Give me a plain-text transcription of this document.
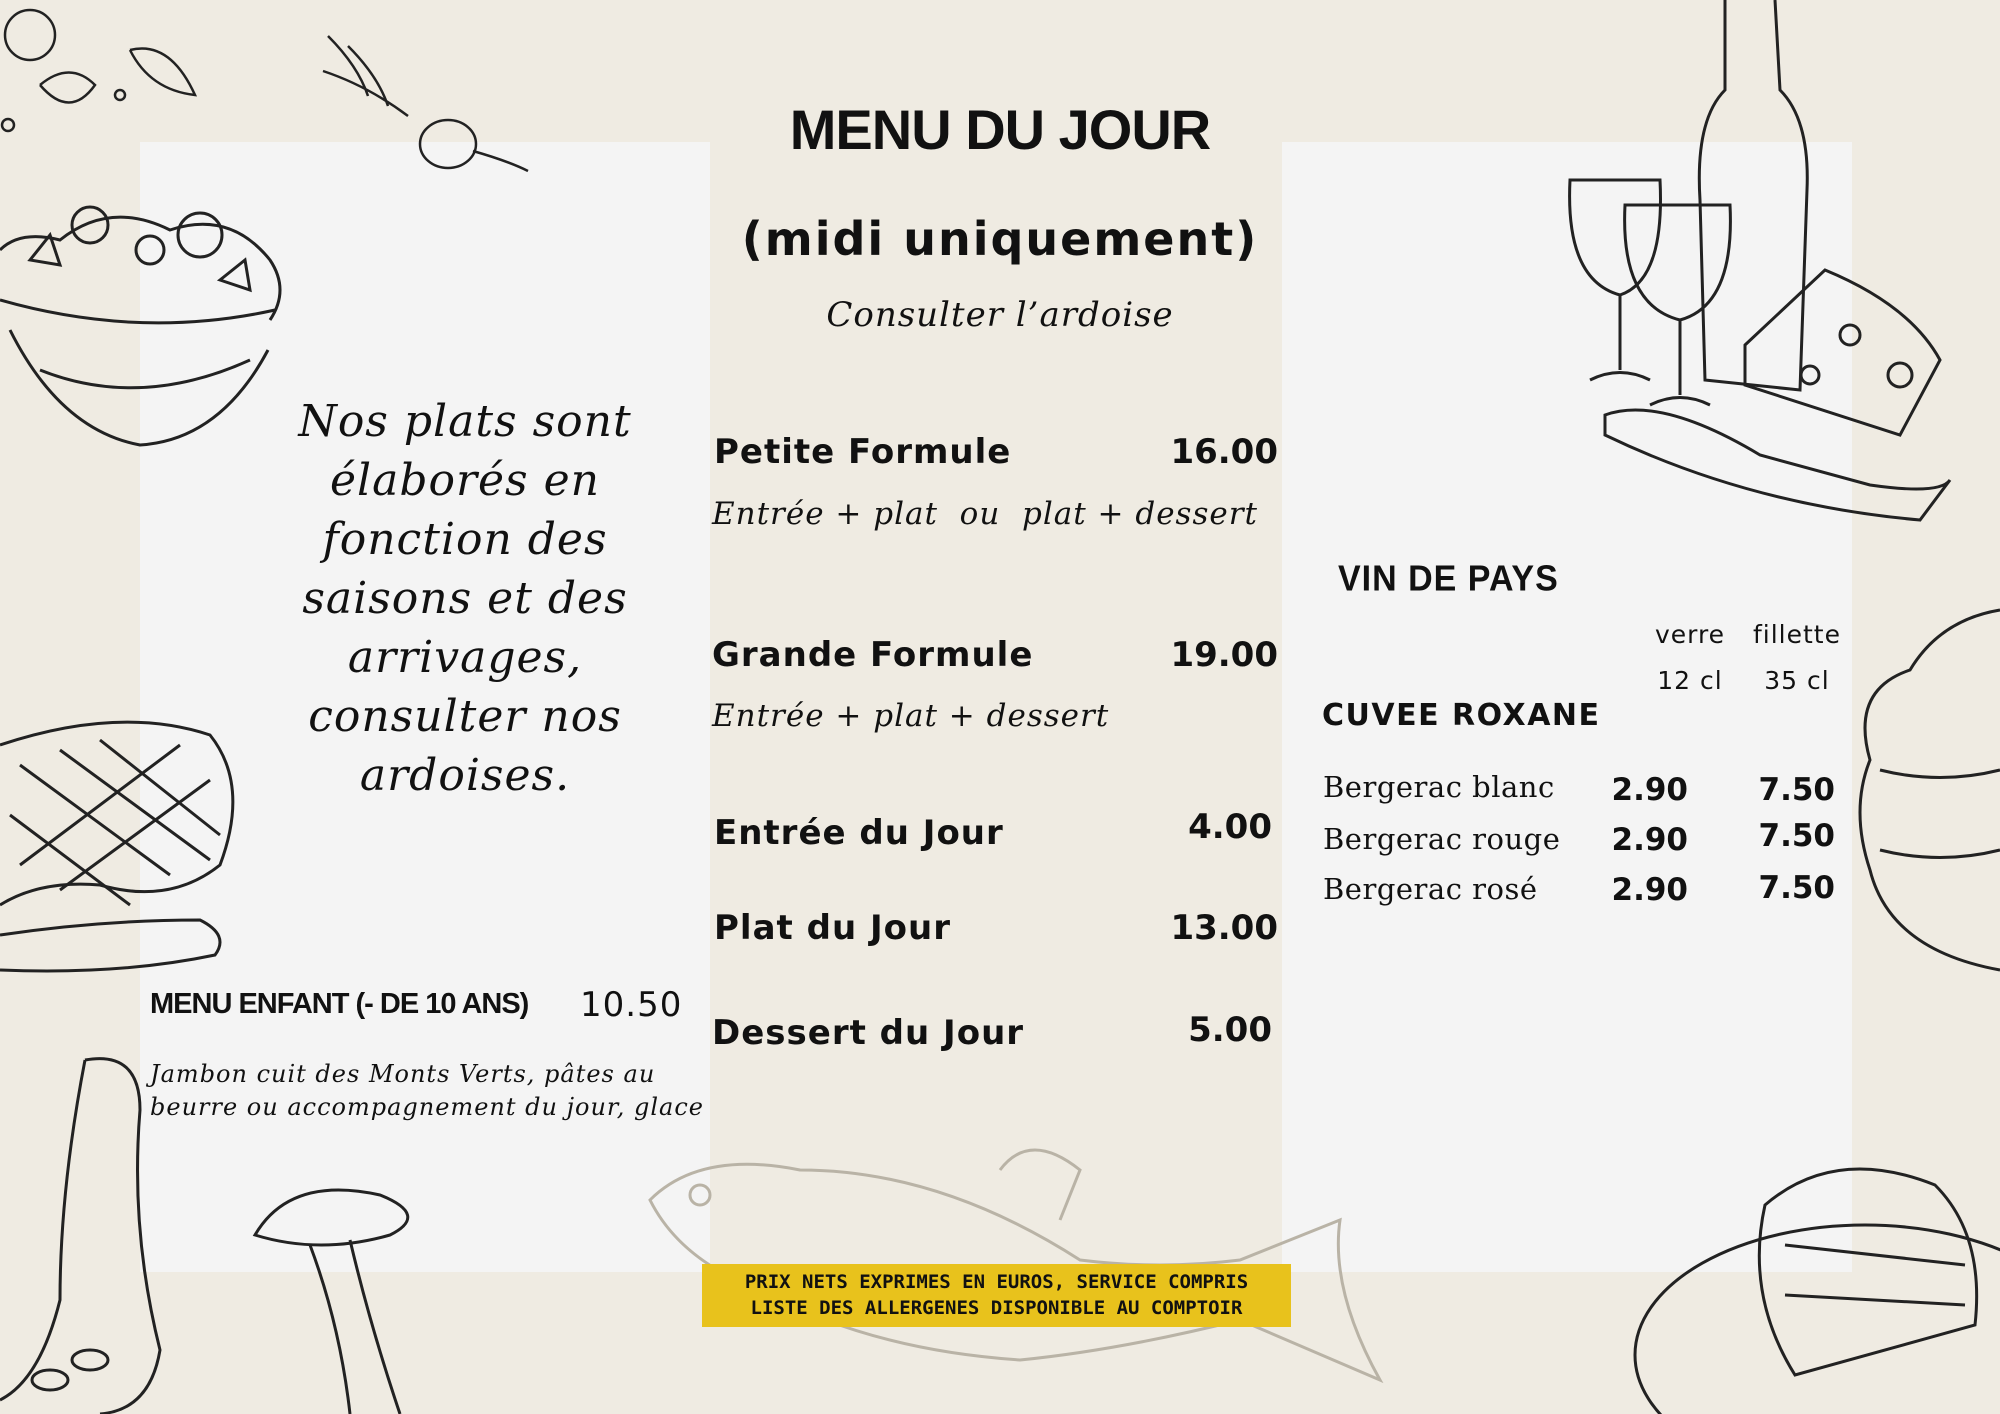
MENU DU JOUR
(midi uniquement)
Consulter l’ardoise
Nos plats sont élaborés en fonction des saisons et des arrivages, consulter nos ardoises.
Petite Formule	16.00
Entrée + plat  ou  plat + dessert
Grande Formule	19.00
Entrée + plat + dessert
Entrée du Jour	4.00
Plat du Jour	13.00
Dessert du Jour	5.00
MENU ENFANT (- DE 10 ANS) 10.50
Jambon cuit des Monts Verts, pâtes au beurre ou accompagnement du jour, glace
VIN DE PAYS
verre	fillette
12 cl	35 cl
CUVEE ROXANE
Bergerac blanc	2.90	7.50
Bergerac rouge	2.90	7.50
Bergerac rosé	2.90	7.50
PRIX NETS EXPRIMES EN EUROS, SERVICE COMPRIS
LISTE DES ALLERGENES DISPONIBLE AU COMPTOIR
